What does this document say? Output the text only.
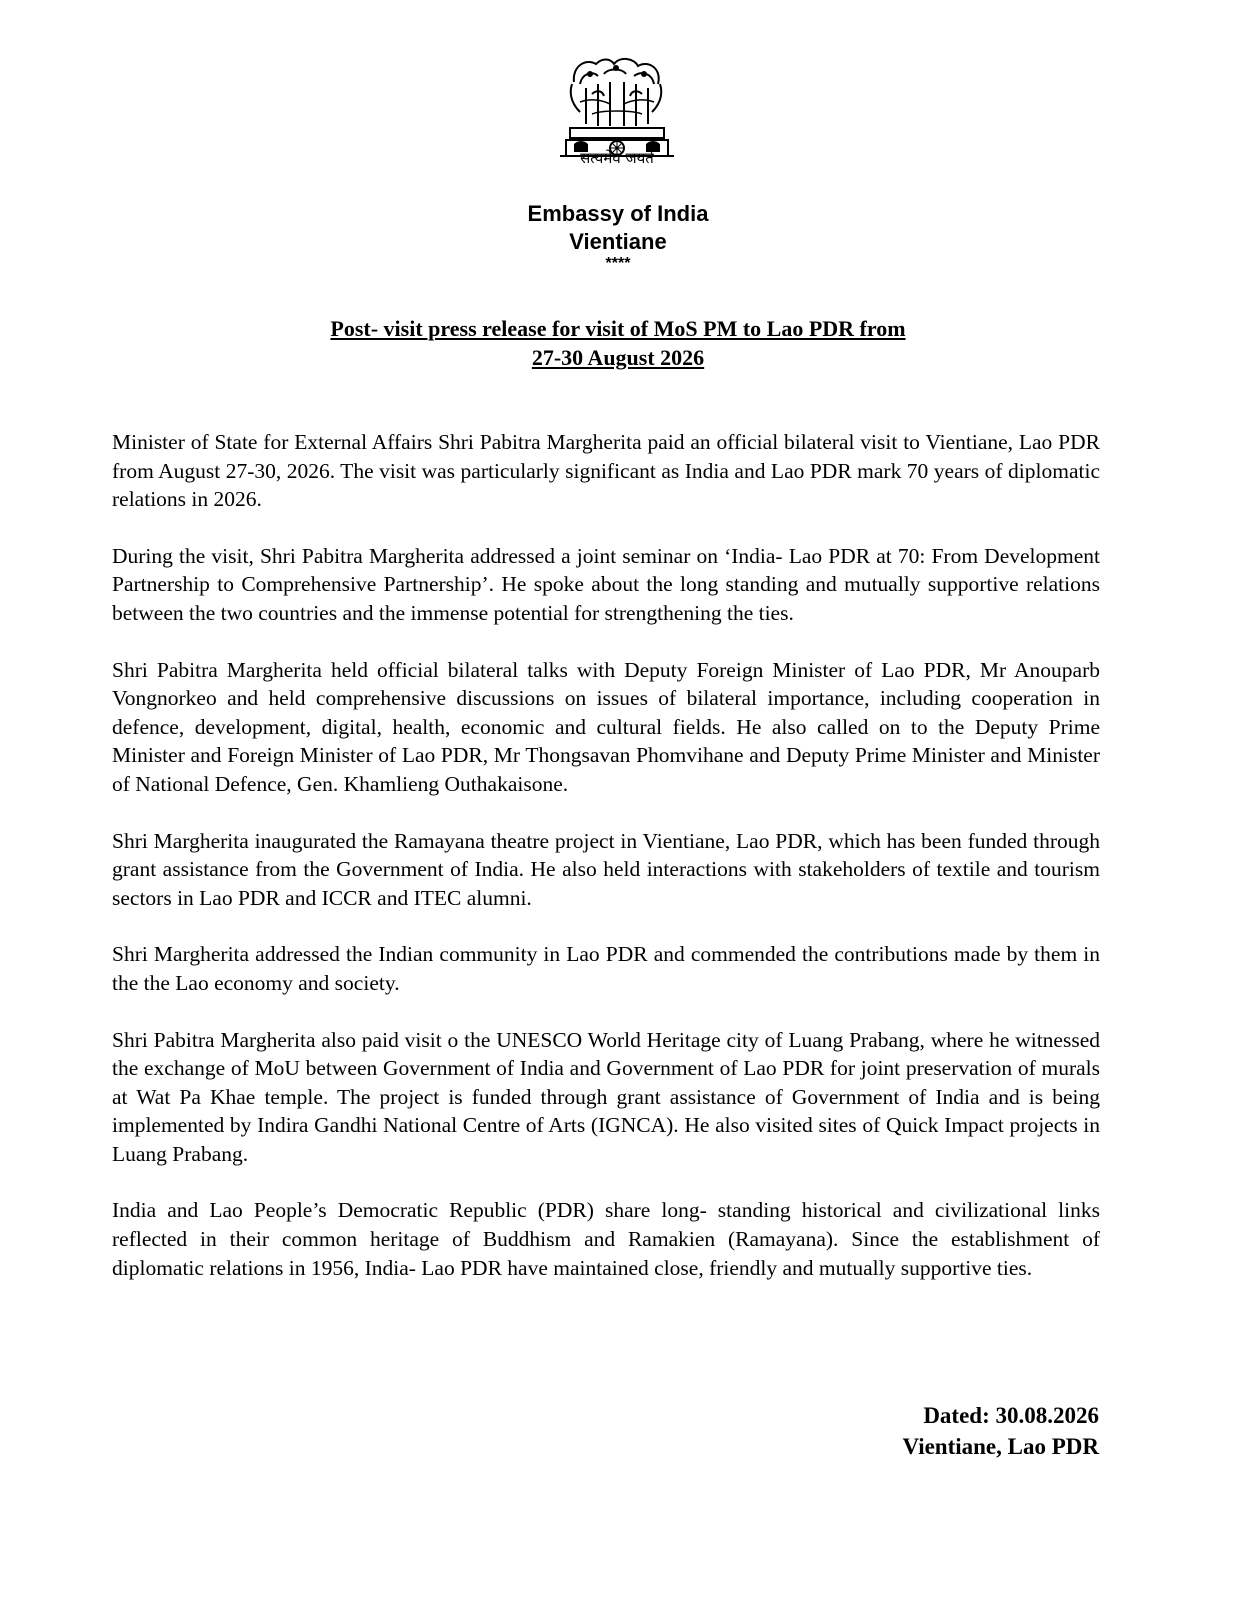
सत्यमेव जयते
Embassy of India
Vientiane
****
Post- visit press release for visit of MoS PM to Lao PDR from
27-30 August 2026

Minister of State for External Affairs Shri Pabitra Margherita paid an official bilateral visit to Vientiane, Lao PDR from August 27-30, 2026. The visit was particularly significant as India and Lao PDR mark 70 years of diplomatic relations in 2026.

During the visit, Shri Pabitra Margherita addressed a joint seminar on ‘India- Lao PDR at 70: From Development Partnership to Comprehensive Partnership’. He spoke about the long standing and mutually supportive relations between the two countries and the immense potential for strengthening the ties.

Shri Pabitra Margherita held official bilateral talks with Deputy Foreign Minister of Lao PDR, Mr Anouparb Vongnorkeo and held comprehensive discussions on issues of bilateral importance, including cooperation in defence, development, digital, health, economic and cultural fields. He also called on to the Deputy Prime Minister and Foreign Minister of Lao PDR, Mr Thongsavan Phomvihane and Deputy Prime Minister and Minister of National Defence, Gen. Khamlieng Outhakaisone.

Shri Margherita inaugurated the Ramayana theatre project in Vientiane, Lao PDR, which has been funded through grant assistance from the Government of India. He also held interactions with stakeholders of textile and tourism sectors in Lao PDR and ICCR and ITEC alumni.

Shri Margherita addressed the Indian community in Lao PDR and commended the contributions made by them in the the Lao economy and society.

Shri Pabitra Margherita also paid visit o the UNESCO World Heritage city of Luang Prabang, where he witnessed the exchange of MoU between Government of India and Government of Lao PDR for joint preservation of murals at Wat Pa Khae temple. The project is funded through grant assistance of Government of India and is being implemented by Indira Gandhi National Centre of Arts (IGNCA). He also visited sites of Quick Impact projects in Luang Prabang.

India and Lao People’s Democratic Republic (PDR) share long- standing historical and civilizational links reflected in their common heritage of Buddhism and Ramakien (Ramayana). Since the establishment of diplomatic relations in 1956, India- Lao PDR have maintained close, friendly and mutually supportive ties.

Dated: 30.08.2026
Vientiane, Lao PDR
